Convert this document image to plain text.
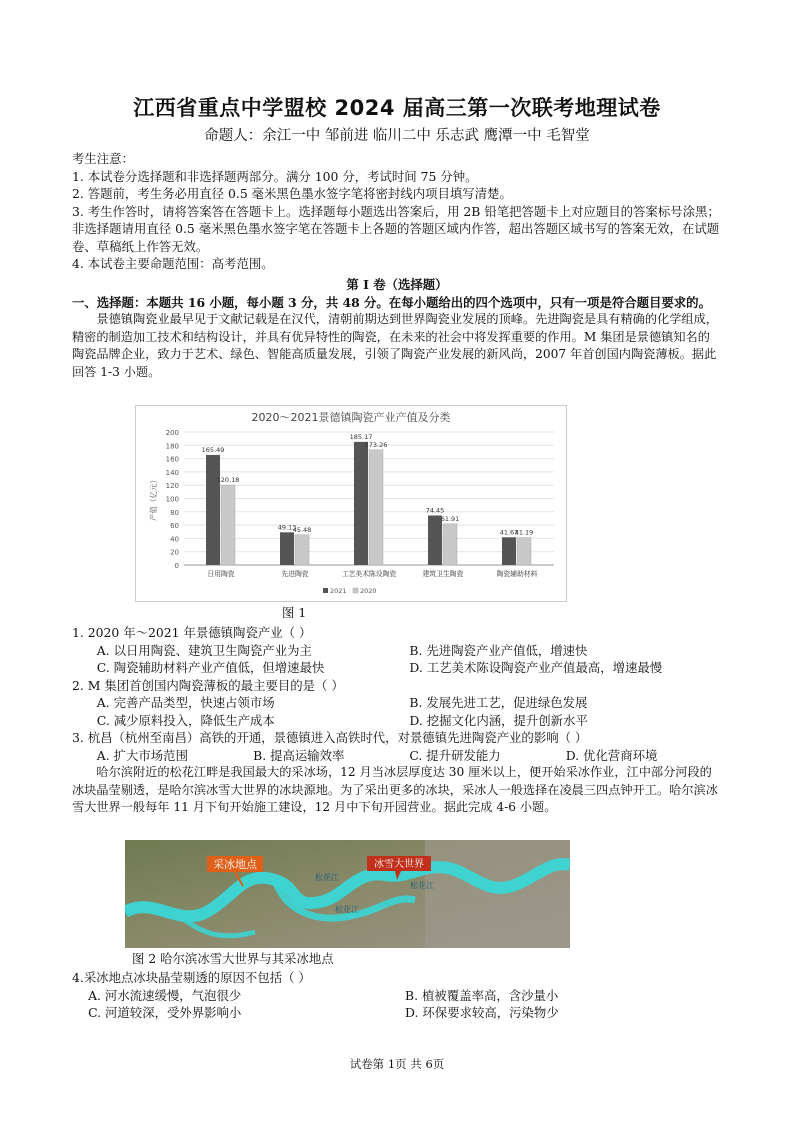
江西省重点中学盟校 2024 届高三第一次联考地理试卷
命题人：余江一中 邹前进 临川二中 乐志武 鹰潭一中 毛智堂

考生注意：

1. 本试卷分选择题和非选择题两部分。满分 100 分，考试时间 75 分钟。

2. 答题前，考生务必用直径 0.5 毫米黑色墨水签字笔将密封线内项目填写清楚。

3. 考生作答时，请将答案答在答题卡上。选择题每小题选出答案后，用 2B 铅笔把答题卡上对应题目的答案标号涂黑；非选择题请用直径 0.5 毫米黑色墨水签字笔在答题卡上各题的答题区域内作答，超出答题区域书写的答案无效，在试题卷、草稿纸上作答无效。

4. 本试卷主要命题范围：高考范围。

第 I 卷（选择题）

一、选择题：本题共 16 小题，每小题 3 分，共 48 分。在每小题给出的四个选项中，只有一项是符合题目要求的。

景德镇陶瓷业最早见于文献记载是在汉代，清朝前期达到世界陶瓷业发展的顶峰。先进陶瓷是具有精确的化学组成，精密的制造加工技术和结构设计，并具有优异特性的陶瓷，在未来的社会中将发挥重要的作用。M 集团是景德镇知名的陶瓷品牌企业，致力于艺术、绿色、智能高质量发展，引领了陶瓷产业发展的新风尚，2007 年首创国内陶瓷薄板。据此回答 1-3 小题。

2020～2021景德镇陶瓷产业产值及分类
0
20
40
60
80
100
120
140
160
180
200
产值（亿元）
165.49
120.18
日用陶瓷
49.13
45.48
先进陶瓷
185.17
173.26
工艺美术陈设陶瓷
74.45
61.91
建筑卫生陶瓷
41.67
41.19
陶瓷辅助材料
2021 2020
图 1

1. 2020 年～2021 年景德镇陶瓷产业（ ）

A. 以日用陶瓷、建筑卫生陶瓷产业为主	B. 先进陶瓷产业产值低，增速快
C. 陶瓷辅助材料产业产值低，但增速最快	D. 工艺美术陈设陶瓷产业产值最高，增速最慢

2. M 集团首创国内陶瓷薄板的最主要目的是（ ）

A. 完善产品类型，快速占领市场	B. 发展先进工艺，促进绿色发展
C. 减少原料投入，降低生产成本	D. 挖掘文化内涵，提升创新水平

3. 杭昌（杭州至南昌）高铁的开通，景德镇进入高铁时代，对景德镇先进陶瓷产业的影响（ ）

A. 扩大市场范围	B. 提高运输效率	C. 提升研发能力	D. 优化营商环境

哈尔滨附近的松花江畔是我国最大的采冰场，12 月当冰层厚度达 30 厘米以上，便开始采冰作业，江中部分河段的冰块晶莹剔透，是哈尔滨冰雪大世界的冰块源地。为了采出更多的冰块，采冰人一般选择在凌晨三四点钟开工。哈尔滨冰雪大世界一般每年 11 月下旬开始施工建设，12 月中下旬开园营业。据此完成 4-6 小题。

采冰地点	冰雪大世界
松花江
松花江
松花江
图 2 哈尔滨冰雪大世界与其采冰地点

4.采冰地点冰块晶莹剔透的原因不包括（ ）

A. 河水流速缓慢，气泡很少	B. 植被覆盖率高，含沙量小
C. 河道较深，受外界影响小	D. 环保要求较高，污染物少
试卷第 1页 共 6页
